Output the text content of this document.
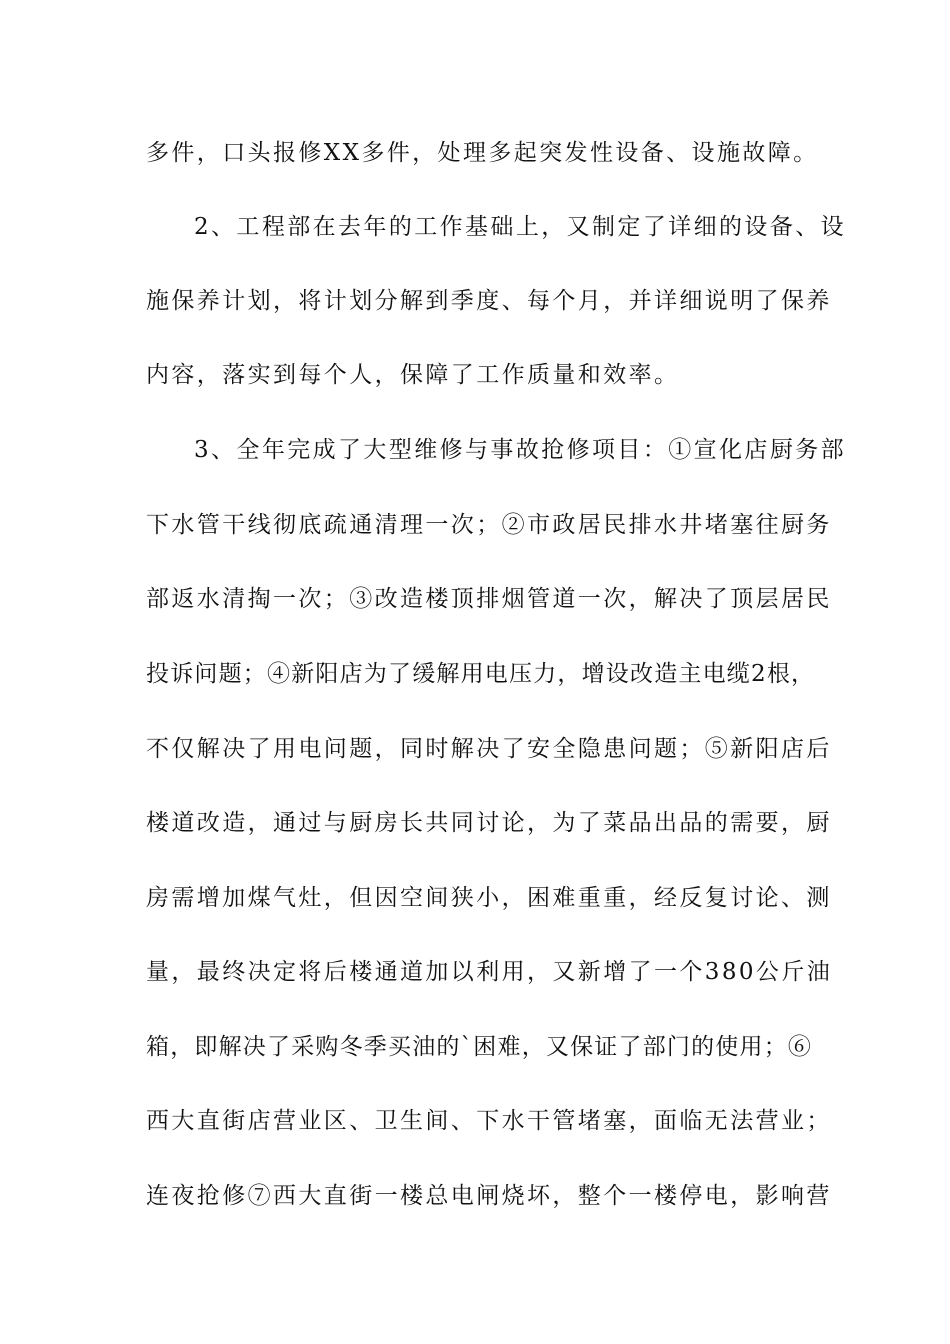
多件，口头报修XX多件，处理多起突发性设备、设施故障。
2、工程部在去年的工作基础上，又制定了详细的设备、设
施保养计划，将计划分解到季度、每个月，并详细说明了保养
内容，落实到每个人，保障了工作质量和效率。
3、全年完成了大型维修与事故抢修项目：①宣化店厨务部
下水管干线彻底疏通清理一次；②市政居民排水井堵塞往厨务
部返水清掏一次；③改造楼顶排烟管道一次，解决了顶层居民
投诉问题；④新阳店为了缓解用电压力，增设改造主电缆2根，
不仅解决了用电问题，同时解决了安全隐患问题；⑤新阳店后
楼道改造，通过与厨房长共同讨论，为了菜品出品的需要，厨
房需增加煤气灶，但因空间狭小，困难重重，经反复讨论、测
量，最终决定将后楼通道加以利用，又新增了一个380公斤油
箱，即解决了采购冬季买油的`困难，又保证了部门的使用；⑥
西大直街店营业区、卫生间、下水干管堵塞，面临无法营业；
连夜抢修⑦西大直街一楼总电闸烧坏，整个一楼停电，影响营
